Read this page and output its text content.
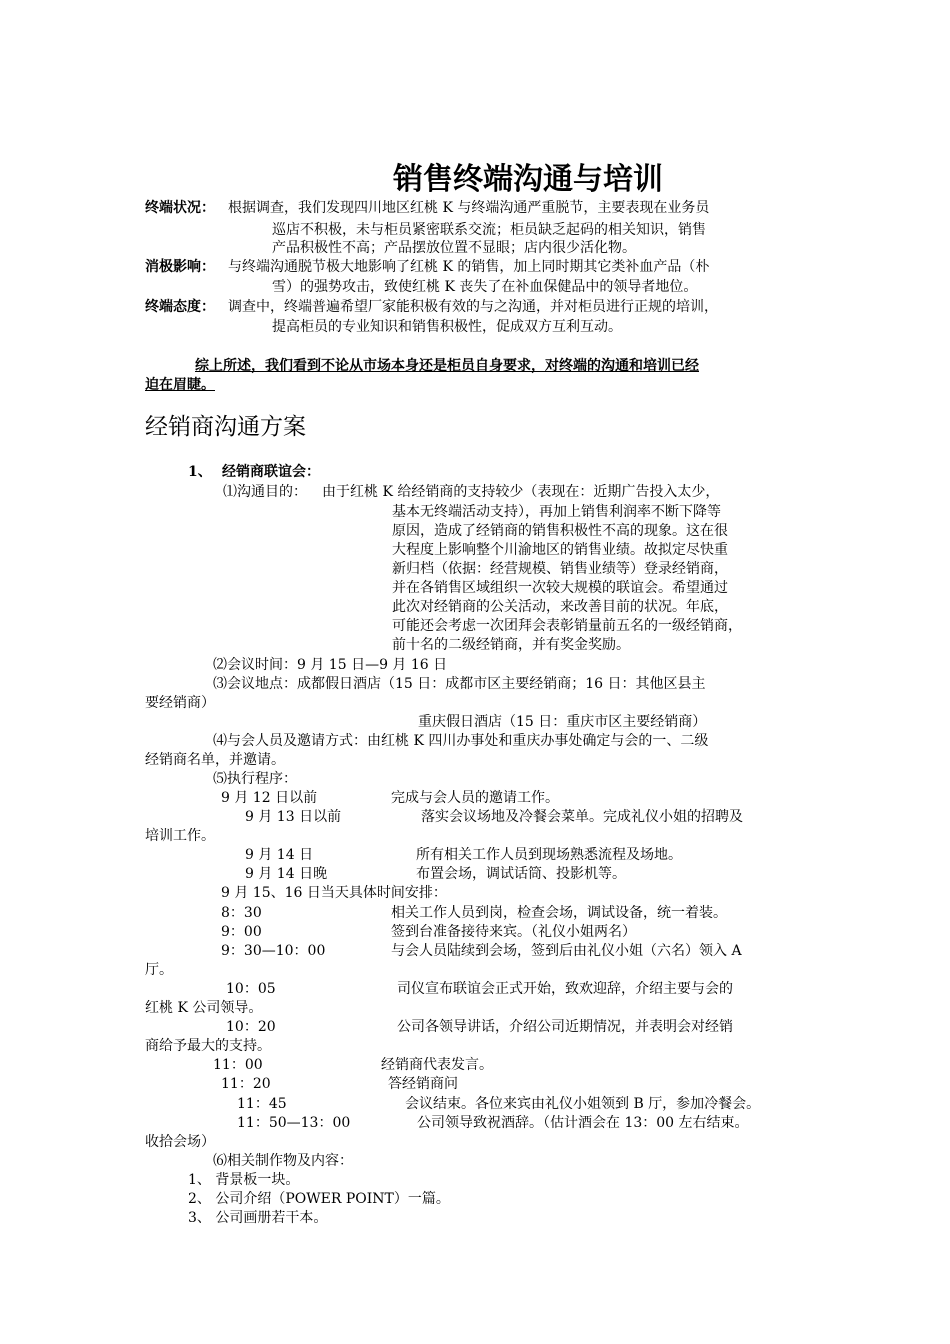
销售终端沟通与培训
终端状况： 根据调查，我们发现四川地区红桃 K 与终端沟通严重脱节，主要表现在业务员
巡店不积极，未与柜员紧密联系交流；柜员缺乏起码的相关知识，销售
产品积极性不高；产品摆放位置不显眼；店内很少活化物。
消极影响： 与终端沟通脱节极大地影响了红桃 K 的销售，加上同时期其它类补血产品（朴
雪）的强势攻击，致使红桃 K 丧失了在补血保健品中的领导者地位。
终端态度： 调查中，终端普遍希望厂家能积极有效的与之沟通，并对柜员进行正规的培训，
提高柜员的专业知识和销售积极性，促成双方互利互动。
综上所述，我们看到不论从市场本身还是柜员自身要求，对终端的沟通和培训已经
迫在眉睫。
经销商沟通方案
1、 经销商联谊会：
⑴沟通目的： 由于红桃 K 给经销商的支持较少（表现在：近期广告投入太少，
基本无终端活动支持），再加上销售利润率不断下降等
原因，造成了经销商的销售积极性不高的现象。这在很
大程度上影响整个川渝地区的销售业绩。故拟定尽快重
新归档（依据：经营规模、销售业绩等）登录经销商，
并在各销售区域组织一次较大规模的联谊会。希望通过
此次对经销商的公关活动，来改善目前的状况。年底，
可能还会考虑一次团拜会表彰销量前五名的一级经销商，
前十名的二级经销商，并有奖金奖励。
⑵会议时间：9 月 15 日—9 月 16 日
⑶会议地点：成都假日酒店（15 日：成都市区主要经销商；16 日：其他区县主
要经销商）
重庆假日酒店（15 日：重庆市区主要经销商）
⑷与会人员及邀请方式：由红桃 K 四川办事处和重庆办事处确定与会的一、二级
经销商名单，并邀请。
⑸执行程序：
9 月 12 日以前	完成与会人员的邀请工作。
9 月 13 日以前	落实会议场地及冷餐会菜单。完成礼仪小姐的招聘及
培训工作。
9 月 14 日	所有相关工作人员到现场熟悉流程及场地。
9 月 14 日晚	布置会场，调试话筒、投影机等。
9 月 15、16 日当天具体时间安排：
8：30	相关工作人员到岗，检查会场，调试设备，统一着装。
9：00	签到台准备接待来宾。（礼仪小姐两名）
9：30—10：00	与会人员陆续到会场，签到后由礼仪小姐（六名）领入 A
厅。
10：05	司仪宣布联谊会正式开始，致欢迎辞，介绍主要与会的
红桃 K 公司领导。
10：20	公司各领导讲话，介绍公司近期情况，并表明会对经销
商给予最大的支持。
11：00	经销商代表发言。
11：20	答经销商问
11：45	会议结束。各位来宾由礼仪小姐领到 B 厅，参加冷餐会。
11：50—13：00	公司领导致祝酒辞。（估计酒会在 13：00 左右结束。
收拾会场）
⑹相关制作物及内容：
1、 背景板一块。
2、 公司介绍（POWER POINT）一篇。
3、 公司画册若干本。
